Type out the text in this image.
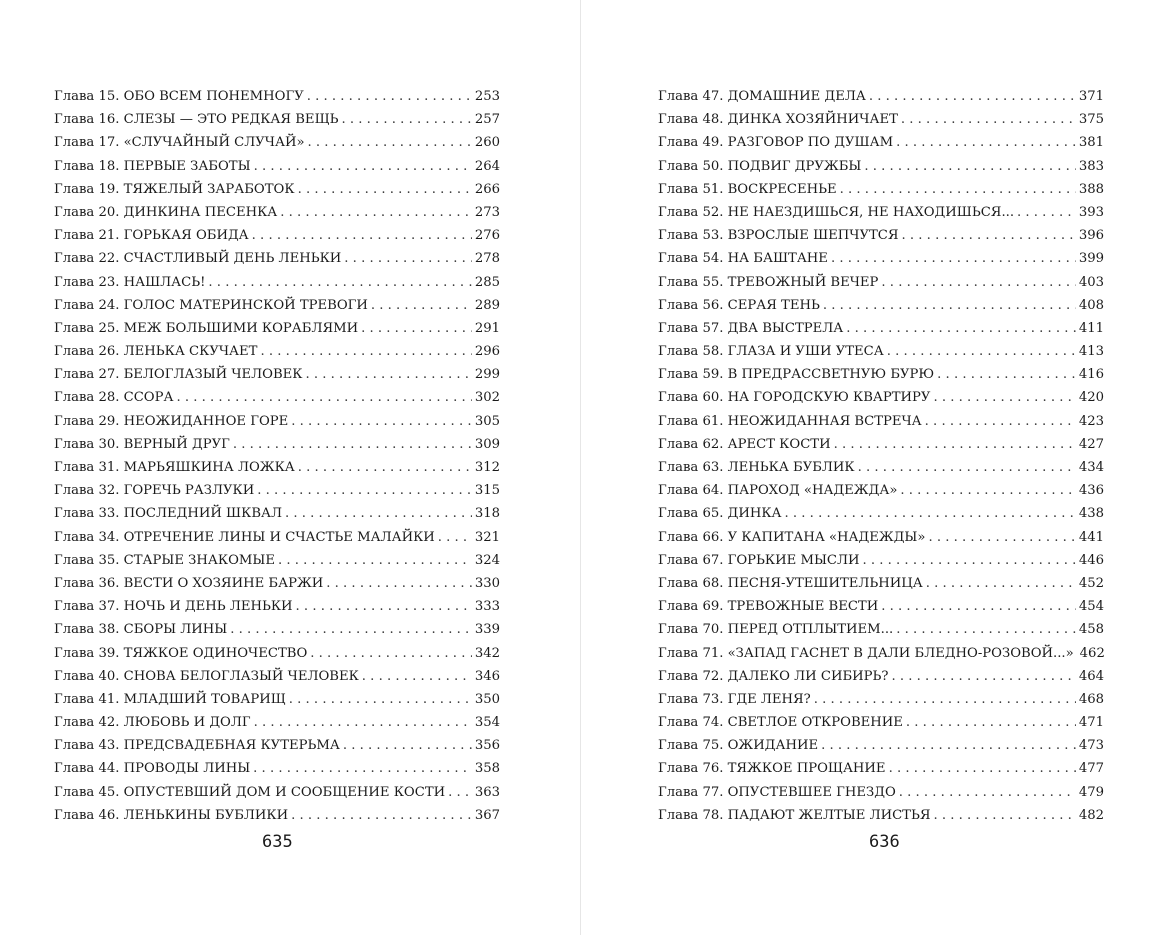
Глава 15. ОБО ВСЕМ ПОНЕМНОГУ . . .	253
Глава 16. СЛЕЗЫ — ЭТО РЕДКАЯ ВЕЩЬ . . .	257
Глава 17. «СЛУЧАЙНЫЙ СЛУЧАЙ» . . .	260
Глава 18. ПЕРВЫЕ ЗАБОТЫ . . .	264
Глава 19. ТЯЖЕЛЫЙ ЗАРАБОТОК . . .	266
Глава 20. ДИНКИНА ПЕСЕНКА . . .	273
Глава 21. ГОРЬКАЯ ОБИДА . . .	276
Глава 22. СЧАСТЛИВЫЙ ДЕНЬ ЛЕНЬКИ . . .	278
Глава 23. НАШЛАСЬ! . . .	285
Глава 24. ГОЛОС МАТЕРИНСКОЙ ТРЕВОГИ . . .	289
Глава 25. МЕЖ БОЛЬШИМИ КОРАБЛЯМИ . . .	291
Глава 26. ЛЕНЬКА СКУЧАЕТ . . .	296
Глава 27. БЕЛОГЛАЗЫЙ ЧЕЛОВЕК . . .	299
Глава 28. ССОРА . . .	302
Глава 29. НЕОЖИДАННОЕ ГОРЕ . . .	305
Глава 30. ВЕРНЫЙ ДРУГ . . .	309
Глава 31. МАРЬЯШКИНА ЛОЖКА . . .	312
Глава 32. ГОРЕЧЬ РАЗЛУКИ . . .	315
Глава 33. ПОСЛЕДНИЙ ШКВАЛ . . .	318
Глава 34. ОТРЕЧЕНИЕ ЛИНЫ И СЧАСТЬЕ МАЛАЙКИ . . .	321
Глава 35. СТАРЫЕ ЗНАКОМЫЕ . . .	324
Глава 36. ВЕСТИ О ХОЗЯИНЕ БАРЖИ . . .	330
Глава 37. НОЧЬ И ДЕНЬ ЛЕНЬКИ . . .	333
Глава 38. СБОРЫ ЛИНЫ . . .	339
Глава 39. ТЯЖКОЕ ОДИНОЧЕСТВО . . .	342
Глава 40. СНОВА БЕЛОГЛАЗЫЙ ЧЕЛОВЕК . . .	346
Глава 41. МЛАДШИЙ ТОВАРИЩ . . .	350
Глава 42. ЛЮБОВЬ И ДОЛГ . . .	354
Глава 43. ПРЕДСВАДЕБНАЯ КУТЕРЬМА . . .	356
Глава 44. ПРОВОДЫ ЛИНЫ . . .	358
Глава 45. ОПУСТЕВШИЙ ДОМ И СООБЩЕНИЕ КОСТИ . . . 363
Глава 46. ЛЕНЬКИНЫ БУБЛИКИ . . .	367
635
Глава 47. ДОМАШНИЕ ДЕЛА . . .	371
Глава 48. ДИНКА ХОЗЯЙНИЧАЕТ . . .	375
Глава 49. РАЗГОВОР ПО ДУШАМ . . .	381
Глава 50. ПОДВИГ ДРУЖБЫ . . .	383
Глава 51. ВОСКРЕСЕНЬЕ . . .	388
Глава 52. НЕ НАЕЗДИШЬСЯ, НЕ НАХОДИШЬСЯ... . . .	393
Глава 53. ВЗРОСЛЫЕ ШЕПЧУТСЯ . . .	396
Глава 54. НА БАШТАНЕ . . .	399
Глава 55. ТРЕВОЖНЫЙ ВЕЧЕР . . .	403
Глава 56. СЕРАЯ ТЕНЬ . . .	408
Глава 57. ДВА ВЫСТРЕЛА . . .	411
Глава 58. ГЛАЗА И УШИ УТЕСА . . .	413
Глава 59. В ПРЕДРАССВЕТНУЮ БУРЮ . . .	416
Глава 60. НА ГОРОДСКУЮ КВАРТИРУ . . .	420
Глава 61. НЕОЖИДАННАЯ ВСТРЕЧА . . .	423
Глава 62. АРЕСТ КОСТИ . . .	427
Глава 63. ЛЕНЬКА БУБЛИК . . .	434
Глава 64. ПАРОХОД «НАДЕЖДА» . . .	436
Глава 65. ДИНКА . . .	438
Глава 66. У КАПИТАНА «НАДЕЖДЫ» . . .	441
Глава 67. ГОРЬКИЕ МЫСЛИ . . .	446
Глава 68. ПЕСНЯ-УТЕШИТЕЛЬНИЦА . . .	452
Глава 69. ТРЕВОЖНЫЕ ВЕСТИ . . .	454
Глава 70. ПЕРЕД ОТПЛЫТИЕМ... . . .	458
Глава 71. «ЗАПАД ГАСНЕТ В ДАЛИ БЛЕДНО-РОЗОВОЙ...» 462
Глава 72. ДАЛЕКО ЛИ СИБИРЬ? . . .	464
Глава 73. ГДЕ ЛЕНЯ? . . .	468
Глава 74. СВЕТЛОЕ ОТКРОВЕНИЕ . . .	471
Глава 75. ОЖИДАНИЕ . . .	473
Глава 76. ТЯЖКОЕ ПРОЩАНИЕ . . .	477
Глава 77. ОПУСТЕВШЕЕ ГНЕЗДО . . .	479
Глава 78. ПАДАЮТ ЖЕЛТЫЕ ЛИСТЬЯ . . .	482
636
